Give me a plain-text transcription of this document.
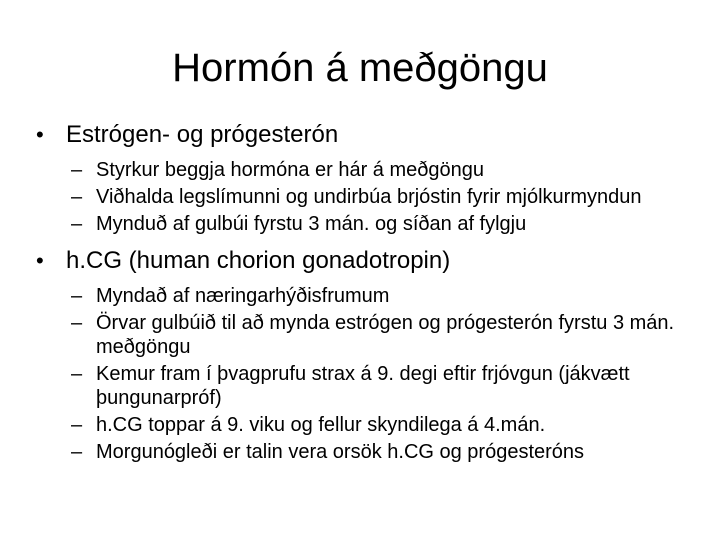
Hormón á meðgöngu
• Estrógen- og prógesterón
– Styrkur beggja hormóna er hár á meðgöngu
– Viðhalda legslímunni og undirbúa brjóstin fyrir mjólkurmyndun
– Mynduð af gulbúi fyrstu 3 mán. og síðan af fylgju
• h.CG (human chorion gonadotropin)
– Myndað af næringarhýðisfrumum
– Örvar gulbúið til að mynda estrógen og prógesterón fyrstu 3 mán. meðgöngu
– Kemur fram í þvagprufu strax á 9. degi eftir frjóvgun (jákvætt þungunarpróf)
– h.CG toppar á 9. viku og fellur skyndilega á 4.mán.
– Morgunógleði er talin vera orsök h.CG og prógesteróns
